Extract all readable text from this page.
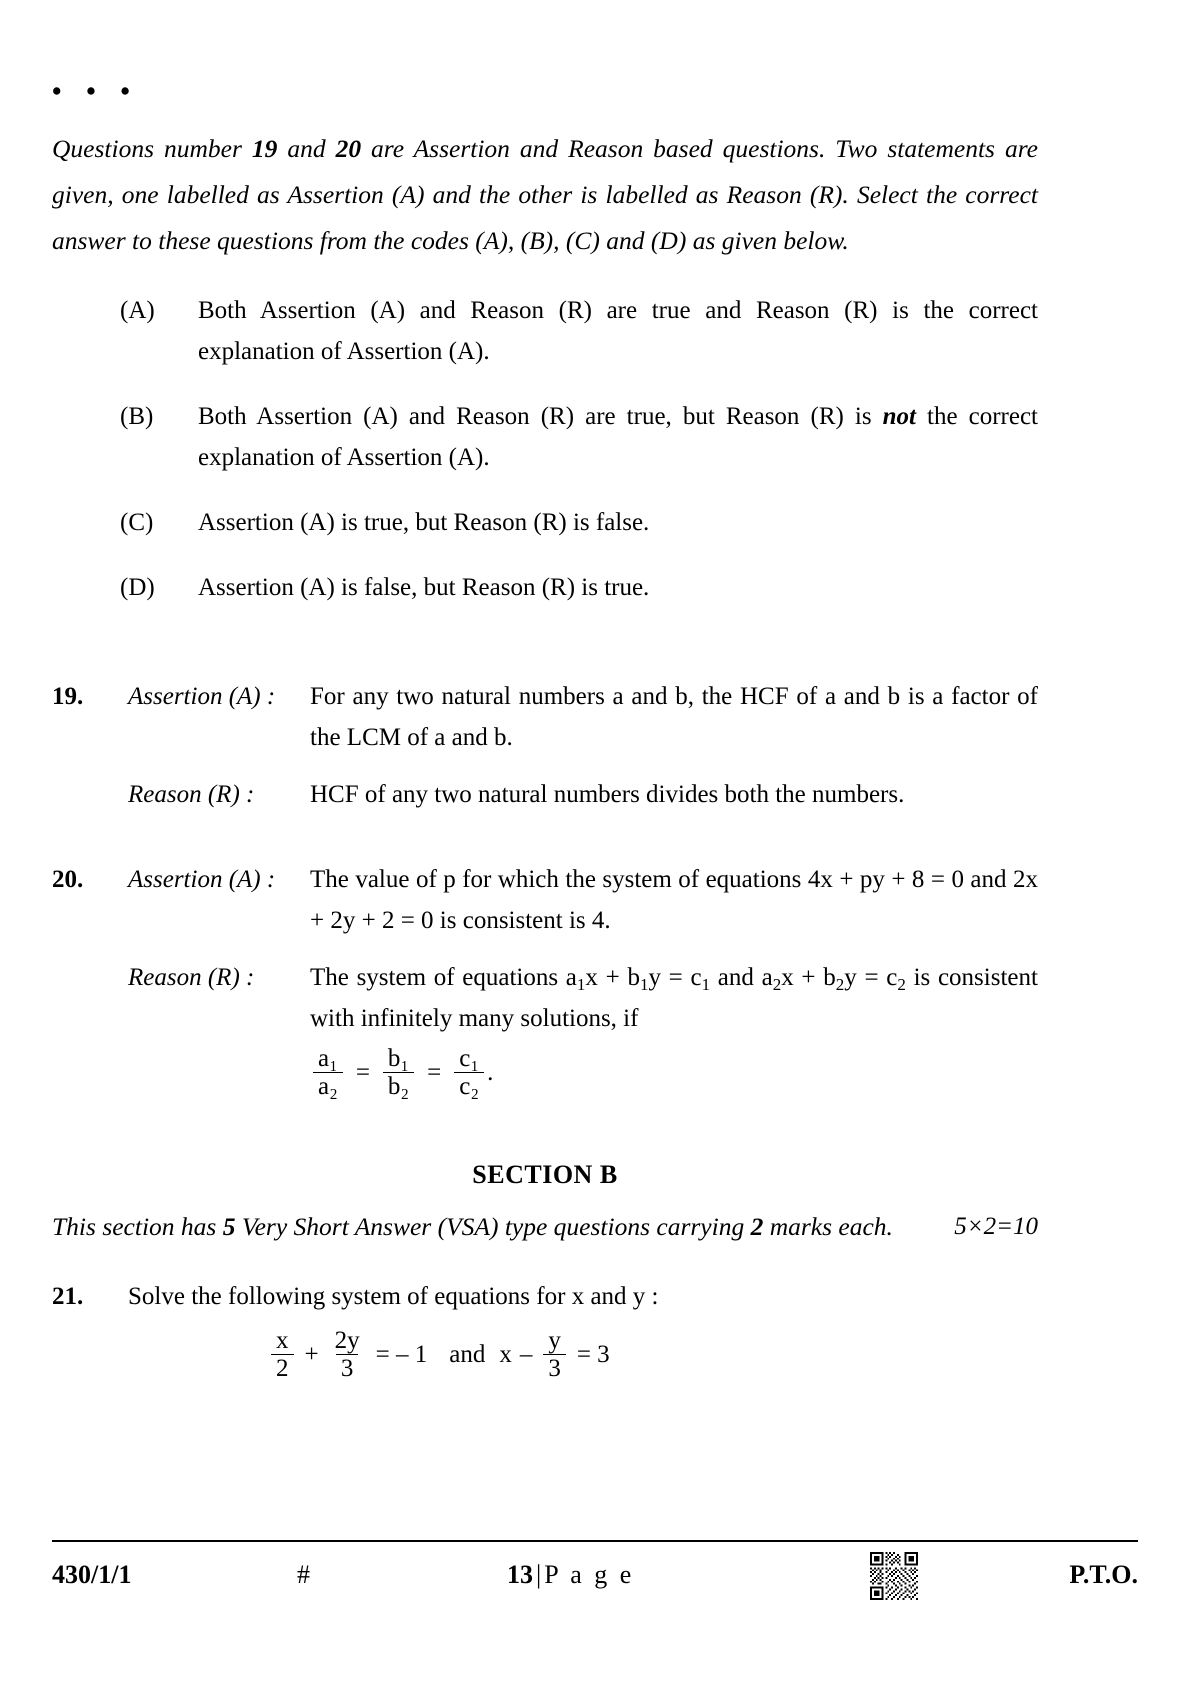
• • •

Questions number 19 and 20 are Assertion and Reason based questions. Two statements are given, one labelled as Assertion (A) and the other is labelled as Reason (R). Select the correct answer to these questions from the codes (A), (B), (C) and (D) as given below.

(A)	Both Assertion (A) and Reason (R) are true and Reason (R) is the correct explanation of Assertion (A).
(B)	Both Assertion (A) and Reason (R) are true, but Reason (R) is not the correct explanation of Assertion (A).
(C)	Assertion (A) is true, but Reason (R) is false.
(D)	Assertion (A) is false, but Reason (R) is true.
19.	Assertion (A) :	For any two natural numbers a and b, the HCF of a and b is a factor of the LCM of a and b.
Reason (R) :	HCF of any two natural numbers divides both the numbers.
20.	Assertion (A) :	The value of p for which the system of equations 4x + py + 8 = 0 and 2x + 2y + 2 = 0 is consistent is 4.
Reason (R) :	The system of equations $a_1x + b_1y = c_1$ and $a_2x + b_2y = c_2$ is consistent with infinitely many solutions, if
$\frac{\text{a₁}}{\text{a₂}} = \frac{\text{b₁}}{\text{b₂}} = \frac{\text{c₁}}{\text{c₂}}$ .
SECTION B
This section has 5 Very Short Answer (VSA) type questions carrying 2 marks each. 5×2=10
21.	Solve the following system of equations for x and y :
$\frac{x}{2} + \frac{2y}{3}$ = – 1 and $x - \frac{y}{3} = 3$
430/1/1	#	13 | P a g e	P.T.O.
